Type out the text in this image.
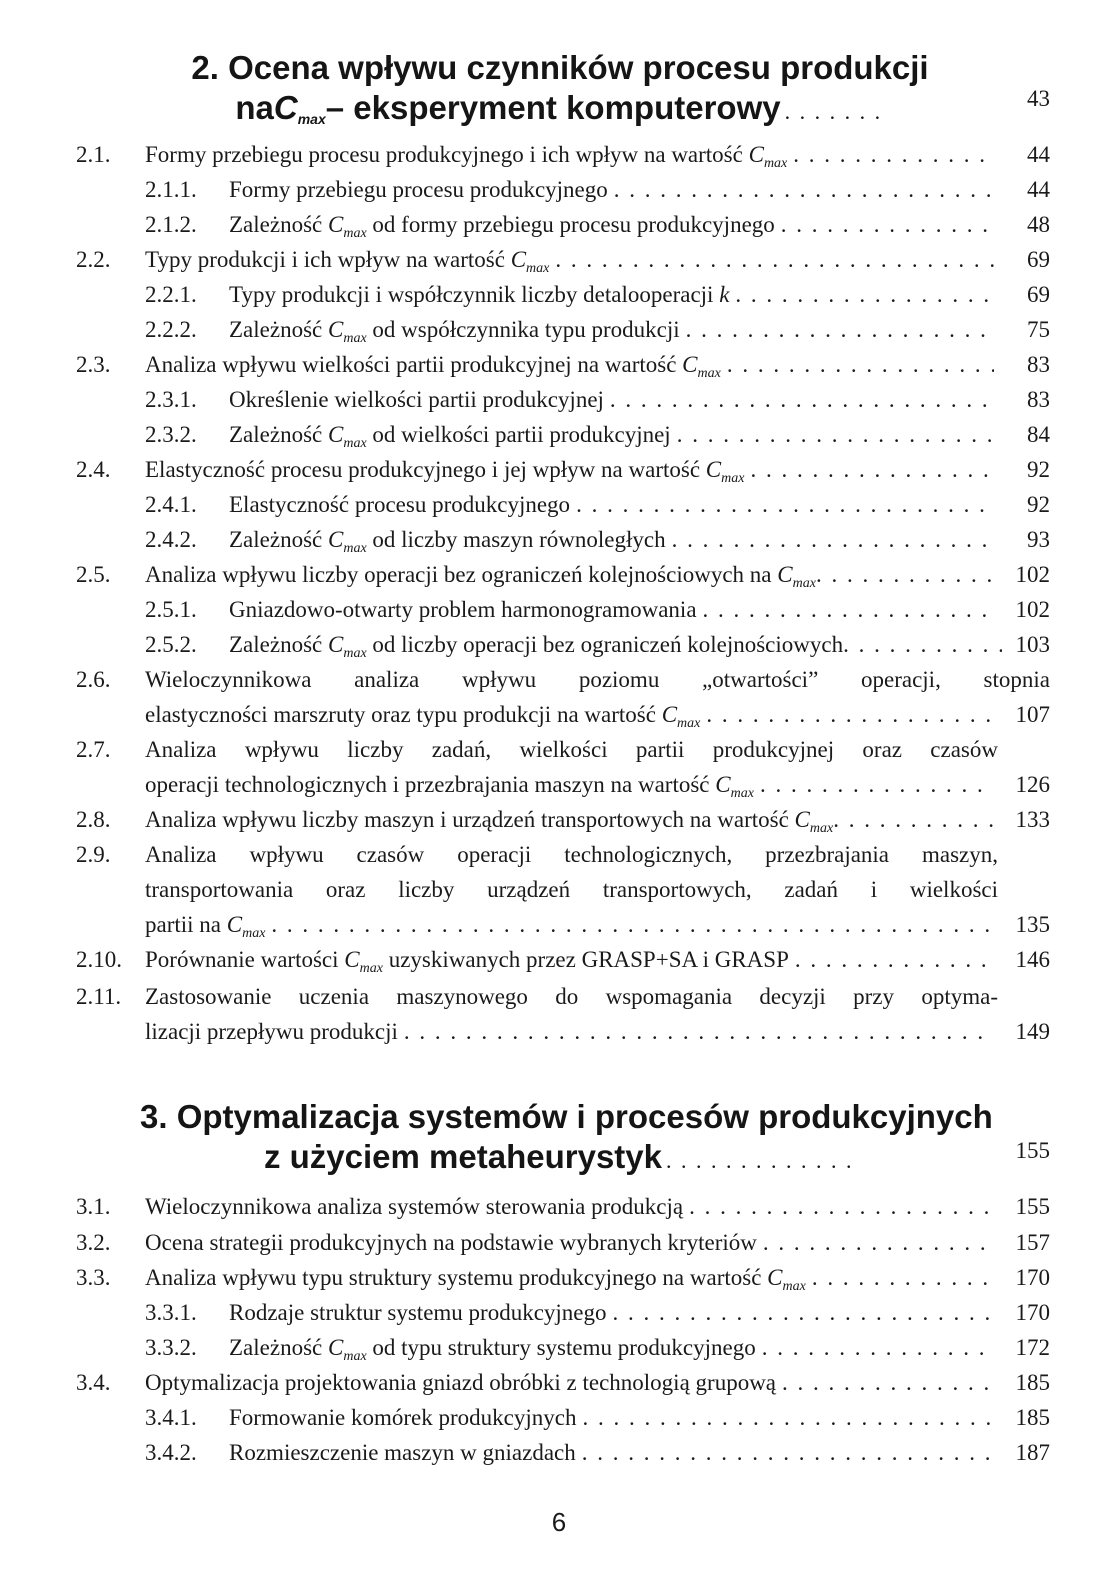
2. Ocena wpływu czynników procesu produkcji
na $C_{max}$ – eksperyment komputerowy . . .	43
2.1. Formy przebiegu procesu produkcyjnego i ich wpływ na wartość $C_{max}$ . . .	44
2.1.1. Formy przebiegu procesu produkcyjnego . . .	44
2.1.2. Zależność $C_{max}$ od formy przebiegu procesu produkcyjnego . . .	48
2.2. Typy produkcji i ich wpływ na wartość $C_{max}$ . . .	69
2.2.1. Typy produkcji i współczynnik liczby detalooperacji k . . .	69
2.2.2. Zależność $C_{max}$ od współczynnika typu produkcji . . .	75
2.3. Analiza wpływu wielkości partii produkcyjnej na wartość $C_{max}$ . . .	83
2.3.1. Określenie wielkości partii produkcyjnej . . .	83
2.3.2. Zależność $C_{max}$ od wielkości partii produkcyjnej . . .	84
2.4. Elastyczność procesu produkcyjnego i jej wpływ na wartość $C_{max}$ . . .	92
2.4.1. Elastyczność procesu produkcyjnego . . .	92
2.4.2. Zależność $C_{max}$ od liczby maszyn równoległych . . .	93
2.5. Analiza wpływu liczby operacji bez ograniczeń kolejnościowych na $C_{max}$ . . .	102
2.5.1. Gniazdowo-otwarty problem harmonogramowania . . .	102
2.5.2. Zależność $C_{max}$ od liczby operacji bez ograniczeń kolejnościowych . . .	103
2.6. Wieloczynnikowa analiza wpływu poziomu „otwartości” operacji, stopnia
elastyczności marszruty oraz typu produkcji na wartość $C_{max}$ . . .	107
2.7. Analiza wpływu liczby zadań, wielkości partii produkcyjnej oraz czasów
operacji technologicznych i przezbrajania maszyn na wartość $C_{max}$ . . .	126
2.8. Analiza wpływu liczby maszyn i urządzeń transportowych na wartość $C_{max}$ . . .	133
2.9. Analiza wpływu czasów operacji technologicznych, przezbrajania maszyn,
transportowania oraz liczby urządzeń transportowych, zadań i wielkości
partii na $C_{max}$ . . .	135
2.10. Porównanie wartości $C_{max}$ uzyskiwanych przez GRASP+SA i GRASP . . .	146
2.11. Zastosowanie uczenia maszynowego do wspomagania decyzji przy optyma-
lizacji przepływu produkcji . . .	149
3. Optymalizacja systemów i procesów produkcyjnych
z użyciem metaheurystyk . . .	155
3.1. Wieloczynnikowa analiza systemów sterowania produkcją . . .	155
3.2. Ocena strategii produkcyjnych na podstawie wybranych kryteriów . . .	157
3.3. Analiza wpływu typu struktury systemu produkcyjnego na wartość $C_{max}$ . . .	170
3.3.1. Rodzaje struktur systemu produkcyjnego . . .	170
3.3.2. Zależność $C_{max}$ od typu struktury systemu produkcyjnego . . .	172
3.4. Optymalizacja projektowania gniazd obróbki z technologią grupową . . .	185
3.4.1. Formowanie komórek produkcyjnych . . .	185
3.4.2. Rozmieszczenie maszyn w gniazdach . . .	187
6
